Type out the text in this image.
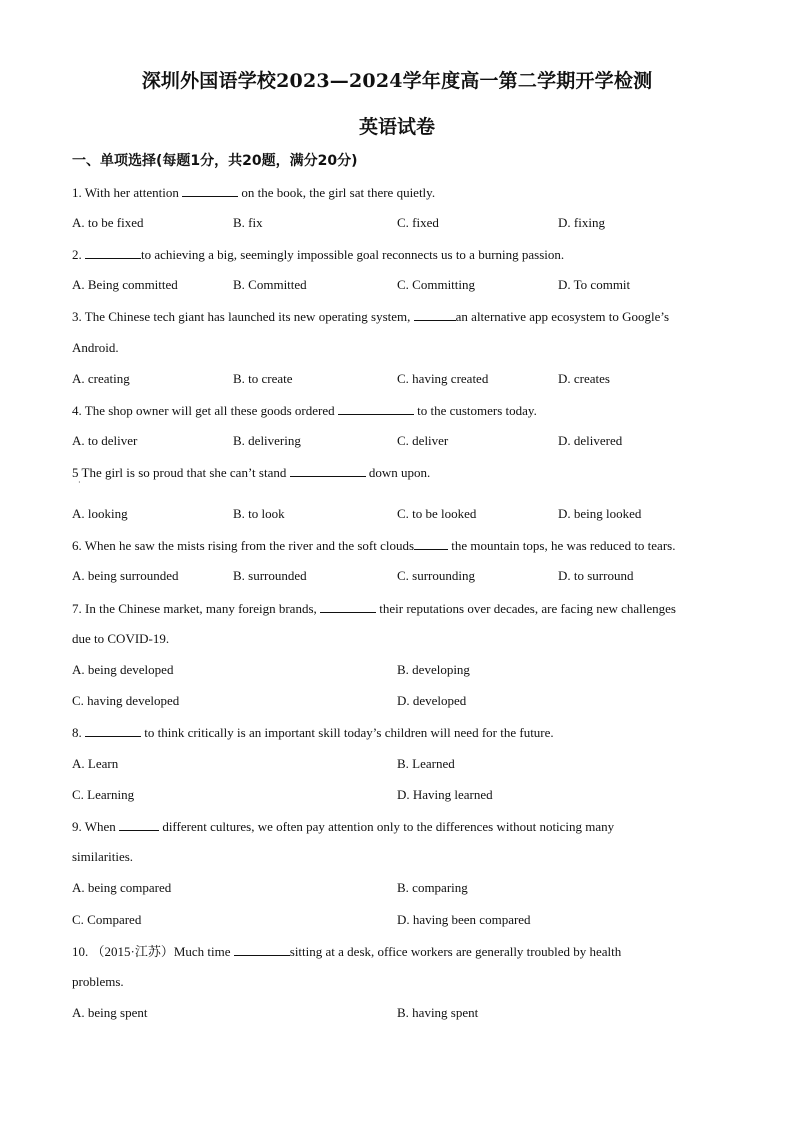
深圳外国语学校2023—2024学年度高一第二学期开学检测
英语试卷
一、单项选择(每题1分，共20题，满分20分)
1. With her attention	on the book, the girl sat there quietly.
A. to be fixed	B. fix	C. fixed	D. fixing
2.	to achieving a big, seemingly impossible goal reconnects us to a burning passion.
A. Being committed	B. Committed	C. Committing	D. To commit
3. The Chinese tech giant has launched its new operating system,	an alternative app ecosystem to Google’s
Android.
A. creating	B. to create	C. having created	D. creates
4. The shop owner will get all these goods ordered	to the customers today.
A. to deliver	B. delivering	C. deliver	D. delivered
5 The girl is so proud that she can’t stand	down upon.
·
A. looking	B. to look	C. to be looked	D. being looked
6. When he saw the mists rising from the river and the soft clouds	the mountain tops, he was reduced to tears.
A. being surrounded	B. surrounded	C. surrounding	D. to surround
7. In the Chinese market, many foreign brands,	their reputations over decades, are facing new challenges
due to COVID-19.
A. being developed	B. developing
C. having developed	D. developed
8.	to think critically is an important skill today’s children will need for the future.
A. Learn	B. Learned
C. Learning	D. Having learned
9. When	different cultures, we often pay attention only to the differences without noticing many
similarities.
A. being compared	B. comparing
C. Compared	D. having been compared
10. （2015·江苏）Much time	sitting at a desk, office workers are generally troubled by health
problems.
A. being spent	B. having spent
